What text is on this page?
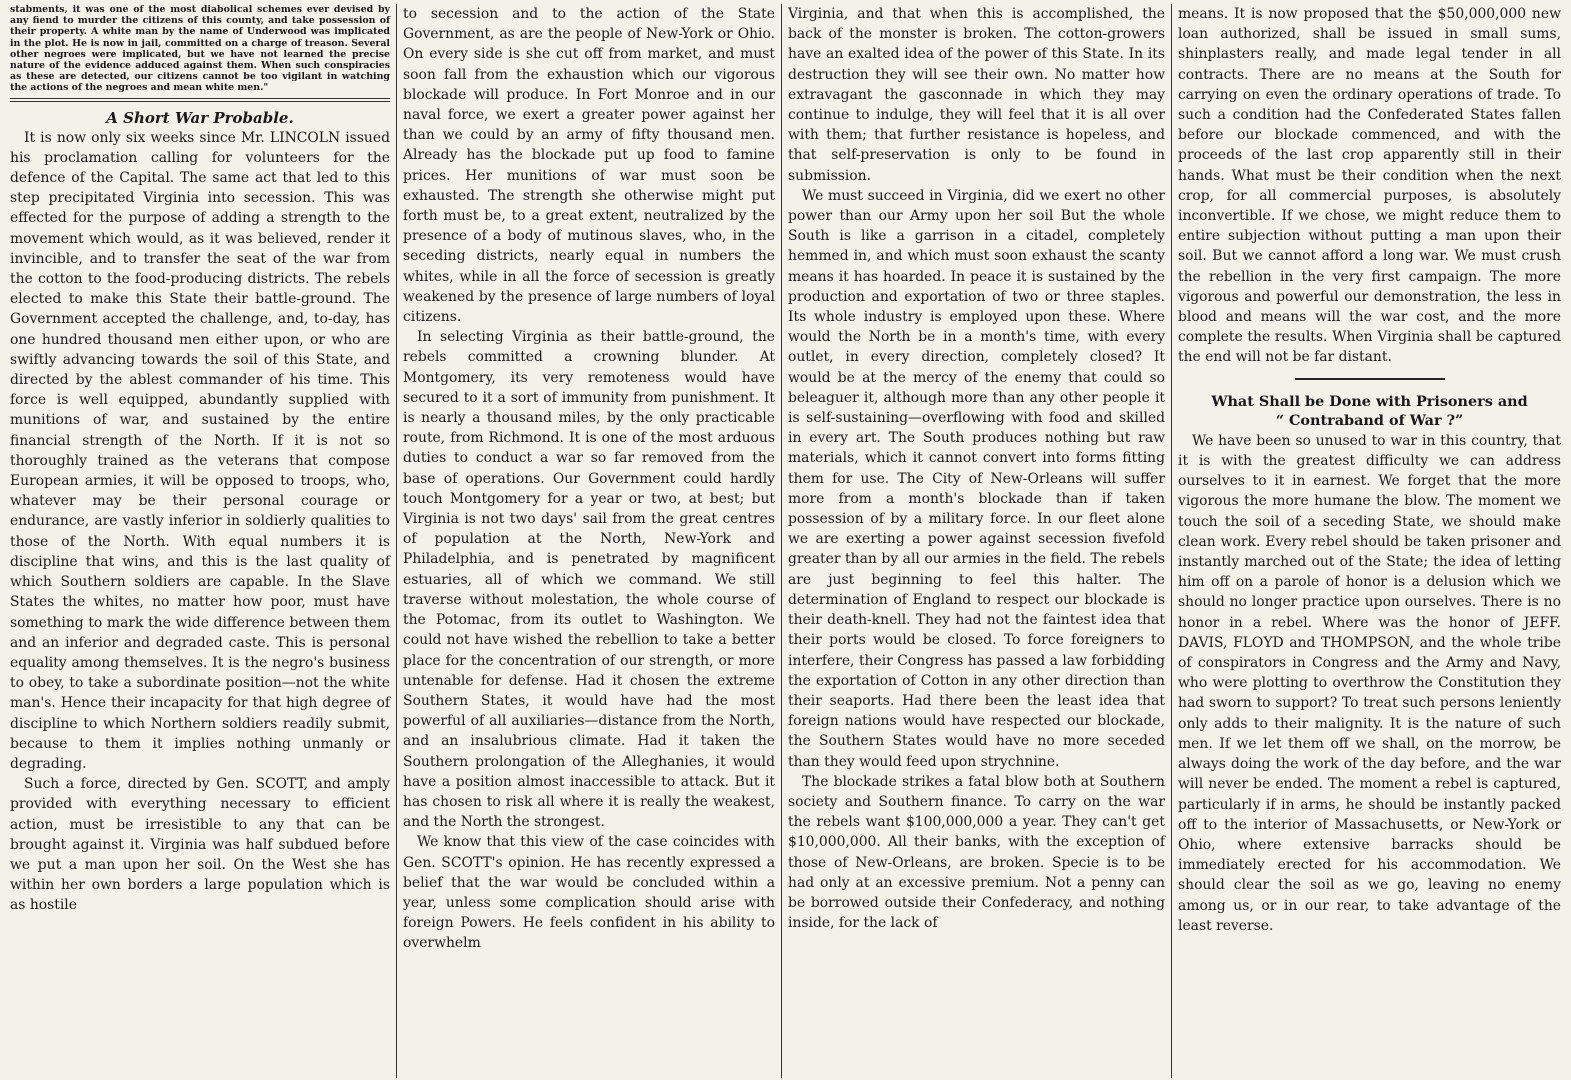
stabments, it was one of the most diabolical schemes ever devised by any fiend to murder the citizens of this county, and take possession of their property. A white man by the name of Underwood was implicated in the plot. He is now in jail, committed on a charge of treason. Several other negroes were implicated, but we have not learned the precise nature of the evidence adduced against them. When such conspiracies as these are detected, our citizens cannot be too vigilant in watching the actions of the negroes and mean white men."

A Short War Probable.

It is now only six weeks since Mr. LINCOLN issued his proclamation calling for volunteers for the defence of the Capital. The same act that led to this step precipitated Virginia into secession. This was effected for the purpose of adding a strength to the movement which would, as it was believed, render it invincible, and to transfer the seat of the war from the cotton to the food-producing districts. The rebels elected to make this State their battle-ground. The Government accepted the challenge, and, to-day, has one hundred thousand men either upon, or who are swiftly advancing towards the soil of this State, and directed by the ablest commander of his time. This force is well equipped, abundantly supplied with munitions of war, and sustained by the entire financial strength of the North. If it is not so thoroughly trained as the veterans that compose European armies, it will be opposed to troops, who, whatever may be their personal courage or endurance, are vastly inferior in soldierly qualities to those of the North. With equal numbers it is discipline that wins, and this is the last quality of which Southern soldiers are capable. In the Slave States the whites, no matter how poor, must have something to mark the wide difference between them and an inferior and degraded caste. This is personal equality among themselves. It is the negro's business to obey, to take a subordinate position—not the white man's. Hence their incapacity for that high degree of discipline to which Northern soldiers readily submit, because to them it implies nothing unmanly or degrading.

Such a force, directed by Gen. SCOTT, and amply provided with everything necessary to efficient action, must be irresistible to any that can be brought against it. Virginia was half subdued before we put a man upon her soil. On the West she has within her own borders a large population which is as hostile

to secession and to the action of the State Government, as are the people of New-York or Ohio. On every side is she cut off from market, and must soon fall from the exhaustion which our vigorous blockade will produce. In Fort Monroe and in our naval force, we exert a greater power against her than we could by an army of fifty thousand men. Already has the blockade put up food to famine prices. Her munitions of war must soon be exhausted. The strength she otherwise might put forth must be, to a great extent, neutralized by the presence of a body of mutinous slaves, who, in the seceding districts, nearly equal in numbers the whites, while in all the force of secession is greatly weakened by the presence of large numbers of loyal citizens.

In selecting Virginia as their battle-ground, the rebels committed a crowning blunder. At Montgomery, its very remoteness would have secured to it a sort of immunity from punishment. It is nearly a thousand miles, by the only practicable route, from Richmond. It is one of the most arduous duties to conduct a war so far removed from the base of operations. Our Government could hardly touch Montgomery for a year or two, at best; but Virginia is not two days' sail from the great centres of population at the North, New-York and Philadelphia, and is penetrated by magnificent estuaries, all of which we command. We still traverse without molestation, the whole course of the Potomac, from its outlet to Washington. We could not have wished the rebellion to take a better place for the concentration of our strength, or more untenable for defense. Had it chosen the extreme Southern States, it would have had the most powerful of all auxiliaries—distance from the North, and an insalubrious climate. Had it taken the Southern prolongation of the Alleghanies, it would have a position almost inaccessible to attack. But it has chosen to risk all where it is really the weakest, and the North the strongest.

We know that this view of the case coincides with Gen. SCOTT's opinion. He has recently expressed a belief that the war would be concluded within a year, unless some complication should arise with foreign Powers. He feels confident in his ability to overwhelm

Virginia, and that when this is accomplished, the back of the monster is broken. The cotton-growers have an exalted idea of the power of this State. In its destruction they will see their own. No matter how extravagant the gasconnade in which they may continue to indulge, they will feel that it is all over with them; that further resistance is hopeless, and that self-preservation is only to be found in submission.

We must succeed in Virginia, did we exert no other power than our Army upon her soil But the whole South is like a garrison in a citadel, completely hemmed in, and which must soon exhaust the scanty means it has hoarded. In peace it is sustained by the production and exportation of two or three staples. Its whole industry is employed upon these. Where would the North be in a month's time, with every outlet, in every direction, completely closed? It would be at the mercy of the enemy that could so beleaguer it, although more than any other people it is self-sustaining—overflowing with food and skilled in every art. The South produces nothing but raw materials, which it cannot convert into forms fitting them for use. The City of New-Orleans will suffer more from a month's blockade than if taken possession of by a military force. In our fleet alone we are exerting a power against secession fivefold greater than by all our armies in the field. The rebels are just beginning to feel this halter. The determination of England to respect our blockade is their death-knell. They had not the faintest idea that their ports would be closed. To force foreigners to interfere, their Congress has passed a law forbidding the exportation of Cotton in any other direction than their seaports. Had there been the least idea that foreign nations would have respected our blockade, the Southern States would have no more seceded than they would feed upon strychnine.

The blockade strikes a fatal blow both at Southern society and Southern finance. To carry on the war the rebels want $100,000,000 a year. They can't get $10,000,000. All their banks, with the exception of those of New-Orleans, are broken. Specie is to be had only at an excessive premium. Not a penny can be borrowed outside their Confederacy, and nothing inside, for the lack of

means. It is now proposed that the $50,000,000 new loan authorized, shall be issued in small sums, shinplasters really, and made legal tender in all contracts. There are no means at the South for carrying on even the ordinary operations of trade. To such a condition had the Confederated States fallen before our blockade commenced, and with the proceeds of the last crop apparently still in their hands. What must be their condition when the next crop, for all commercial purposes, is absolutely inconvertible. If we chose, we might reduce them to entire subjection without putting a man upon their soil. But we cannot afford a long war. We must crush the rebellion in the very first campaign. The more vigorous and powerful our demonstration, the less in blood and means will the war cost, and the more complete the results. When Virginia shall be captured the end will not be far distant.

What Shall be Done with Prisoners and
“ Contraband of War ?”

We have been so unused to war in this country, that it is with the greatest difficulty we can address ourselves to it in earnest. We forget that the more vigorous the more humane the blow. The moment we touch the soil of a seceding State, we should make clean work. Every rebel should be taken prisoner and instantly marched out of the State; the idea of letting him off on a parole of honor is a delusion which we should no longer practice upon ourselves. There is no honor in a rebel. Where was the honor of JEFF. DAVIS, FLOYD and THOMPSON, and the whole tribe of conspirators in Congress and the Army and Navy, who were plotting to overthrow the Constitution they had sworn to support? To treat such persons leniently only adds to their malignity. It is the nature of such men. If we let them off we shall, on the morrow, be always doing the work of the day before, and the war will never be ended. The moment a rebel is captured, particularly if in arms, he should be instantly packed off to the interior of Massachusetts, or New-York or Ohio, where extensive barracks should be immediately erected for his accommodation. We should clear the soil as we go, leaving no enemy among us, or in our rear, to take advantage of the least reverse.
